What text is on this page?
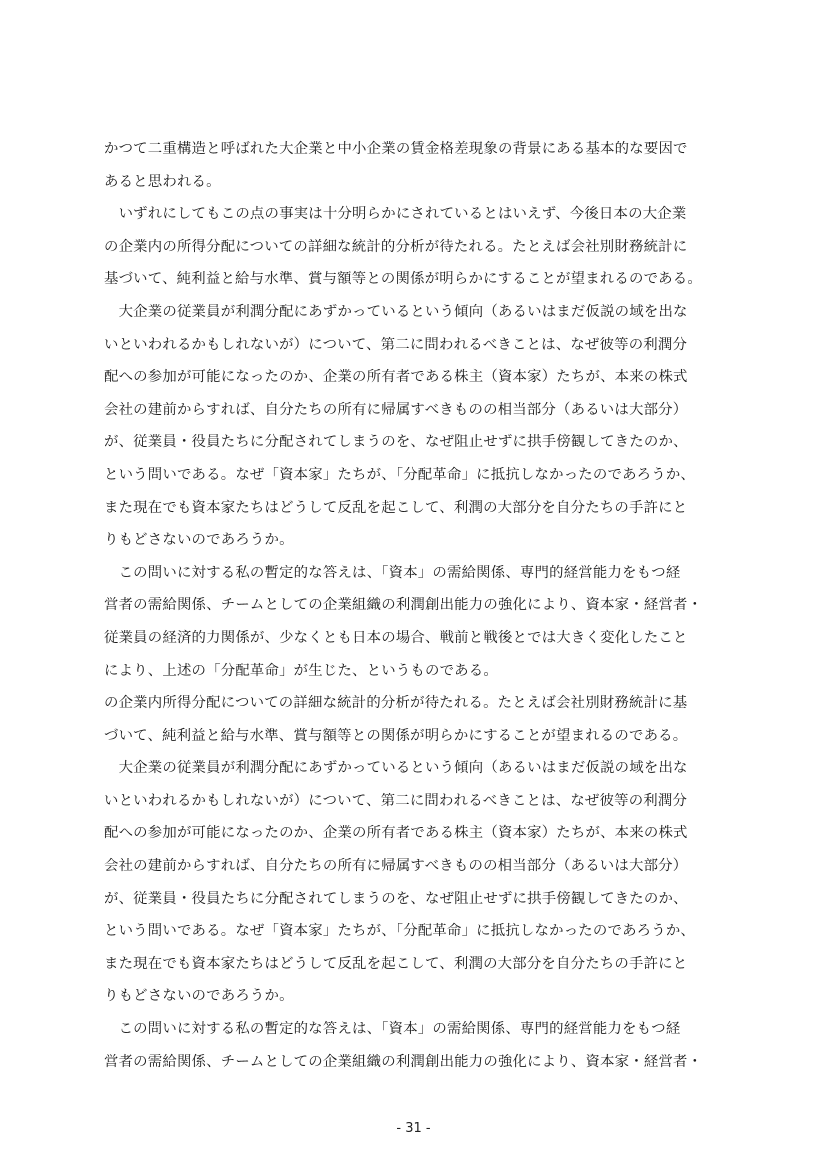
かつて二重構造と呼ばれた大企業と中小企業の賃金格差現象の背景にある基本的な要因で
あると思われる。
　いずれにしてもこの点の事実は十分明らかにされているとはいえず、今後日本の大企業
の企業内の所得分配についての詳細な統計的分析が待たれる。たとえば会社別財務統計に
基づいて、純利益と給与水準、賞与額等との関係が明らかにすることが望まれるのである。
　大企業の従業員が利潤分配にあずかっているという傾向（あるいはまだ仮説の域を出な
いといわれるかもしれないが）について、第二に問われるべきことは、なぜ彼等の利潤分
配への参加が可能になったのか、企業の所有者である株主（資本家）たちが、本来の株式
会社の建前からすれば、自分たちの所有に帰属すべきものの相当部分（あるいは大部分）
が、従業員・役員たちに分配されてしまうのを、なぜ阻止せずに拱手傍観してきたのか、
という問いである。なぜ「資本家」たちが、「分配革命」に抵抗しなかったのであろうか、
また現在でも資本家たちはどうして反乱を起こして、利潤の大部分を自分たちの手許にと
りもどさないのであろうか。
　この問いに対する私の暫定的な答えは、「資本」の需給関係、専門的経営能力をもつ経
営者の需給関係、チームとしての企業組織の利潤創出能力の強化により、資本家・経営者・
従業員の経済的力関係が、少なくとも日本の場合、戦前と戦後とでは大きく変化したこと
により、上述の「分配革命」が生じた、というものである。
の企業内所得分配についての詳細な統計的分析が待たれる。たとえば会社別財務統計に基
づいて、純利益と給与水準、賞与額等との関係が明らかにすることが望まれるのである。
　大企業の従業員が利潤分配にあずかっているという傾向（あるいはまだ仮説の域を出な
いといわれるかもしれないが）について、第二に問われるべきことは、なぜ彼等の利潤分
配への参加が可能になったのか、企業の所有者である株主（資本家）たちが、本来の株式
会社の建前からすれば、自分たちの所有に帰属すべきものの相当部分（あるいは大部分）
が、従業員・役員たちに分配されてしまうのを、なぜ阻止せずに拱手傍観してきたのか、
という問いである。なぜ「資本家」たちが、「分配革命」に抵抗しなかったのであろうか、
また現在でも資本家たちはどうして反乱を起こして、利潤の大部分を自分たちの手許にと
りもどさないのであろうか。
　この問いに対する私の暫定的な答えは、「資本」の需給関係、専門的経営能力をもつ経
営者の需給関係、チームとしての企業組織の利潤創出能力の強化により、資本家・経営者・
- 31 -
